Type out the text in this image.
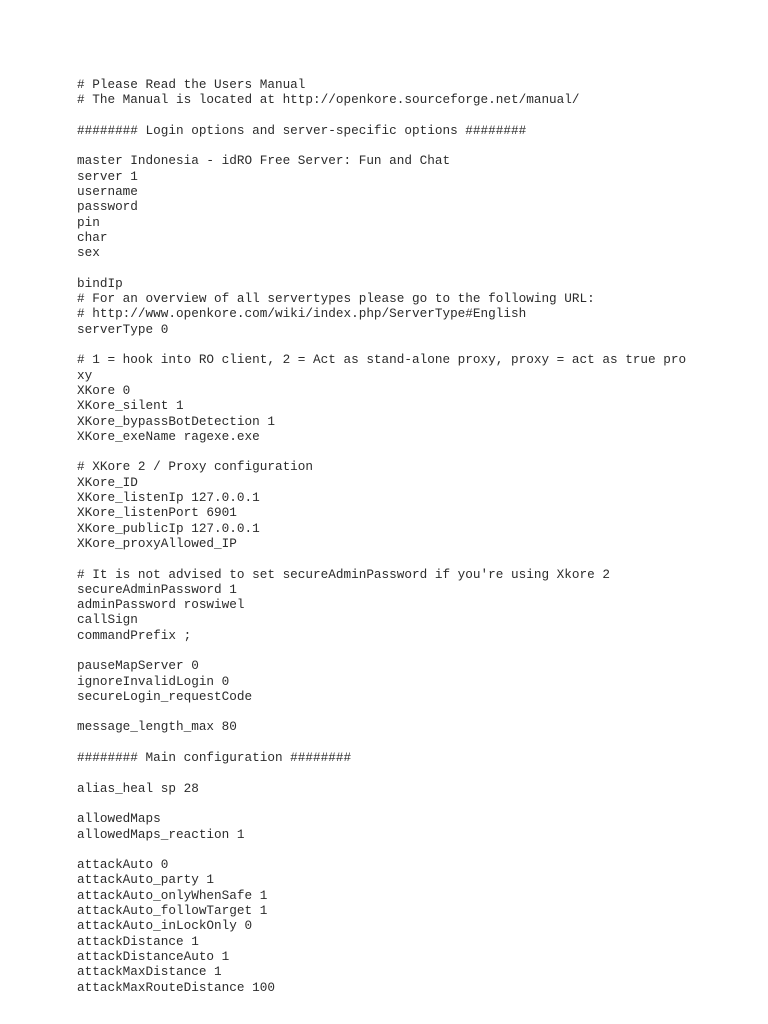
# Please Read the Users Manual
# The Manual is located at http://openkore.sourceforge.net/manual/
######## Login options and server-specific options ########
master Indonesia - idRO Free Server: Fun and Chat
server 1
username
password
pin
char
sex
bindIp
# For an overview of all servertypes please go to the following URL:
# http://www.openkore.com/wiki/index.php/ServerType#English
serverType 0
# 1 = hook into RO client, 2 = Act as stand-alone proxy, proxy = act as true pro
xy
XKore 0
XKore_silent 1
XKore_bypassBotDetection 1
XKore_exeName ragexe.exe
# XKore 2 / Proxy configuration
XKore_ID
XKore_listenIp 127.0.0.1
XKore_listenPort 6901
XKore_publicIp 127.0.0.1
XKore_proxyAllowed_IP
# It is not advised to set secureAdminPassword if you're using Xkore 2
secureAdminPassword 1
adminPassword roswiwel
callSign
commandPrefix ;
pauseMapServer 0
ignoreInvalidLogin 0
secureLogin_requestCode
message_length_max 80
######## Main configuration ########
alias_heal sp 28
allowedMaps
allowedMaps_reaction 1
attackAuto 0
attackAuto_party 1
attackAuto_onlyWhenSafe 1
attackAuto_followTarget 1
attackAuto_inLockOnly 0
attackDistance 1
attackDistanceAuto 1
attackMaxDistance 1
attackMaxRouteDistance 100
